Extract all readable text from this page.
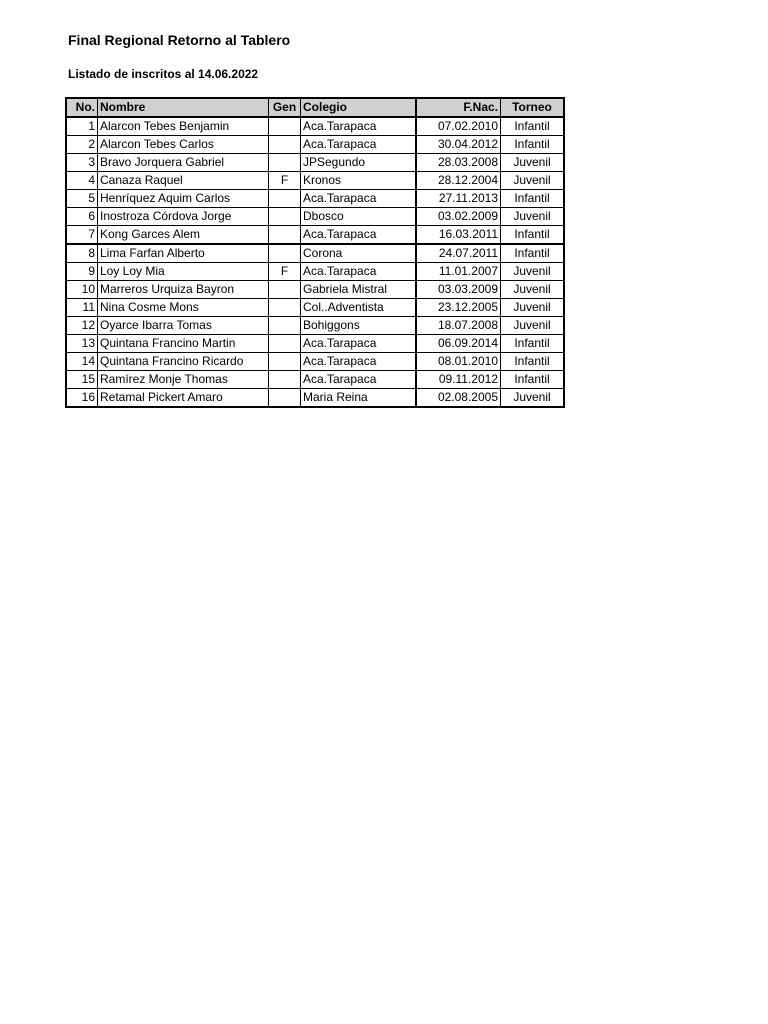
Final Regional Retorno al Tablero
Listado de inscritos al 14.06.2022
No.	Nombre	Gen	Colegio	F.Nac.	Torneo
1	Alarcon Tebes Benjamin		Aca.Tarapaca	07.02.2010	Infantil
2	Alarcon Tebes Carlos		Aca.Tarapaca	30.04.2012	Infantil
3	Bravo Jorquera Gabriel		JPSegundo	28.03.2008	Juvenil
4	Canaza Raquel	F	Kronos	28.12.2004	Juvenil
5	Henríquez Aquim Carlos		Aca.Tarapaca	27.11.2013	Infantil
6	Inostroza Córdova Jorge		Dbosco	03.02.2009	Juvenil
7	Kong Garces Alem		Aca.Tarapaca	16.03.2011	Infantil
8	Lima Farfan Alberto		Corona	24.07.2011	Infantil
9	Loy Loy Mia	F	Aca.Tarapaca	11.01.2007	Juvenil
10	Marreros Urquiza Bayron		Gabriela Mistral	03.03.2009	Juvenil
11	Nina Cosme Mons		Col..Adventista	23.12.2005	Juvenil
12	Oyarce Ibarra Tomas		Bohiggons	18.07.2008	Juvenil
13	Quintana Francino Martin		Aca.Tarapaca	06.09.2014	Infantil
14	Quintana Francino Ricardo		Aca.Tarapaca	08.01.2010	Infantil
15	Ramírez Monje Thomas		Aca.Tarapaca	09.11.2012	Infantil
16	Retamal Pickert Amaro		Maria Reina	02.08.2005	Juvenil
